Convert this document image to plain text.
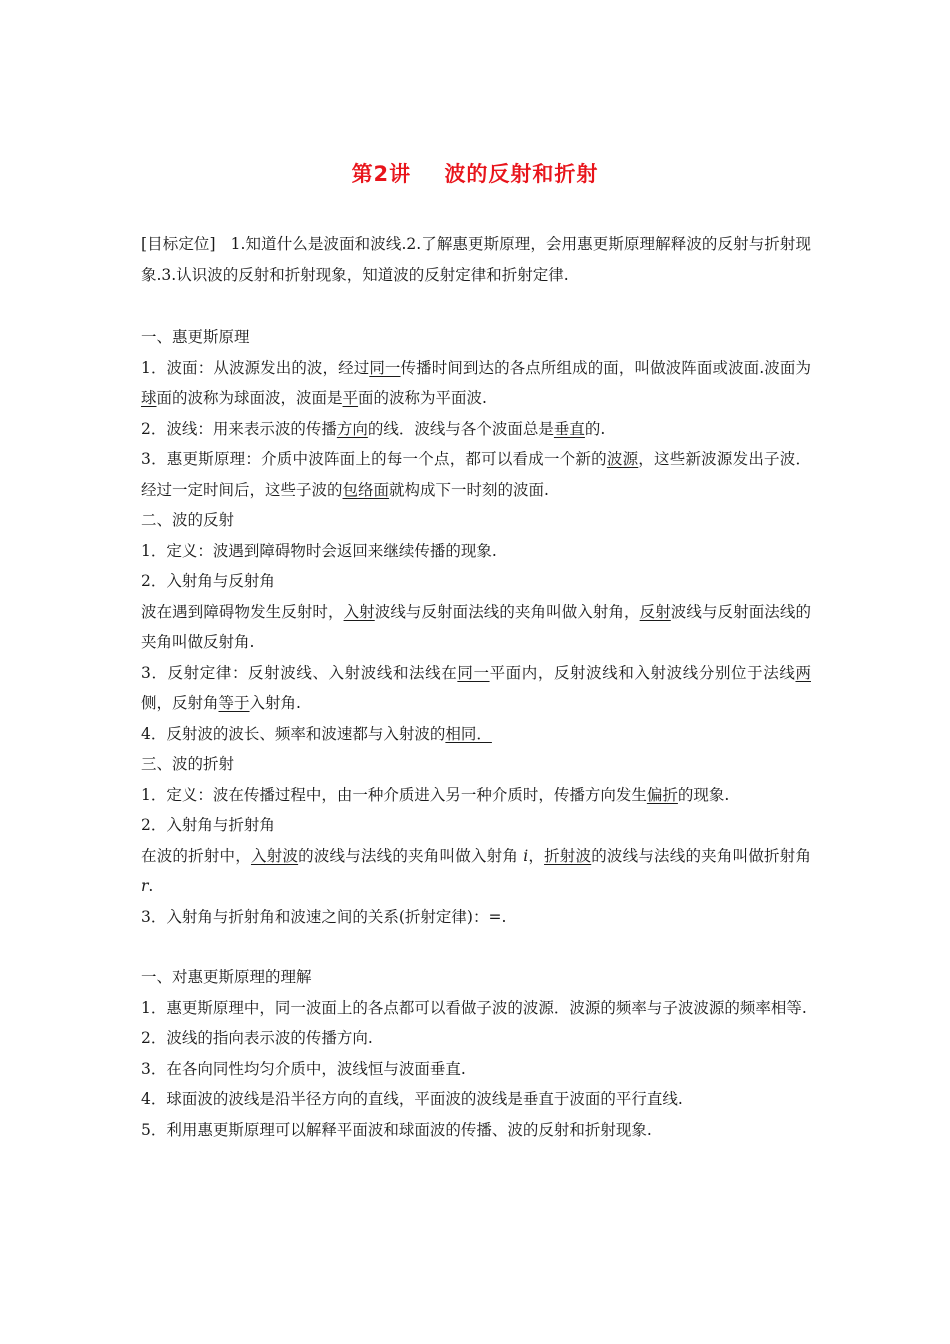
第2讲 波的反射和折射

[目标定位] 1.知道什么是波面和波线.2.了解惠更斯原理，会用惠更斯原理解释波的反射与折射现象.3.认识波的反射和折射现象，知道波的反射定律和折射定律.

一、惠更斯原理

1．波面：从波源发出的波，经过同一传播时间到达的各点所组成的面，叫做波阵面或波面.波面为球面的波称为球面波，波面是平面的波称为平面波.

2．波线：用来表示波的传播方向的线．波线与各个波面总是垂直的.

3．惠更斯原理：介质中波阵面上的每一个点，都可以看成一个新的波源，这些新波源发出子波．经过一定时间后，这些子波的包络面就构成下一时刻的波面.

二、波的反射

1．定义：波遇到障碍物时会返回来继续传播的现象.

2．入射角与反射角

波在遇到障碍物发生反射时，入射波线与反射面法线的夹角叫做入射角，反射波线与反射面法线的夹角叫做反射角.

3．反射定律：反射波线、入射波线和法线在同一平面内，反射波线和入射波线分别位于法线两侧，反射角等于入射角.

4．反射波的波长、频率和波速都与入射波的相同．

三、波的折射

1．定义：波在传播过程中，由一种介质进入另一种介质时，传播方向发生偏折的现象.

2．入射角与折射角

在波的折射中，入射波的波线与法线的夹角叫做入射角 i，折射波的波线与法线的夹角叫做折射角 r.

3．入射角与折射角和波速之间的关系(折射定律)：=.

一、对惠更斯原理的理解

1．惠更斯原理中，同一波面上的各点都可以看做子波的波源．波源的频率与子波波源的频率相等.

2．波线的指向表示波的传播方向.

3．在各向同性均匀介质中，波线恒与波面垂直.

4．球面波的波线是沿半径方向的直线，平面波的波线是垂直于波面的平行直线.

5．利用惠更斯原理可以解释平面波和球面波的传播、波的反射和折射现象.
